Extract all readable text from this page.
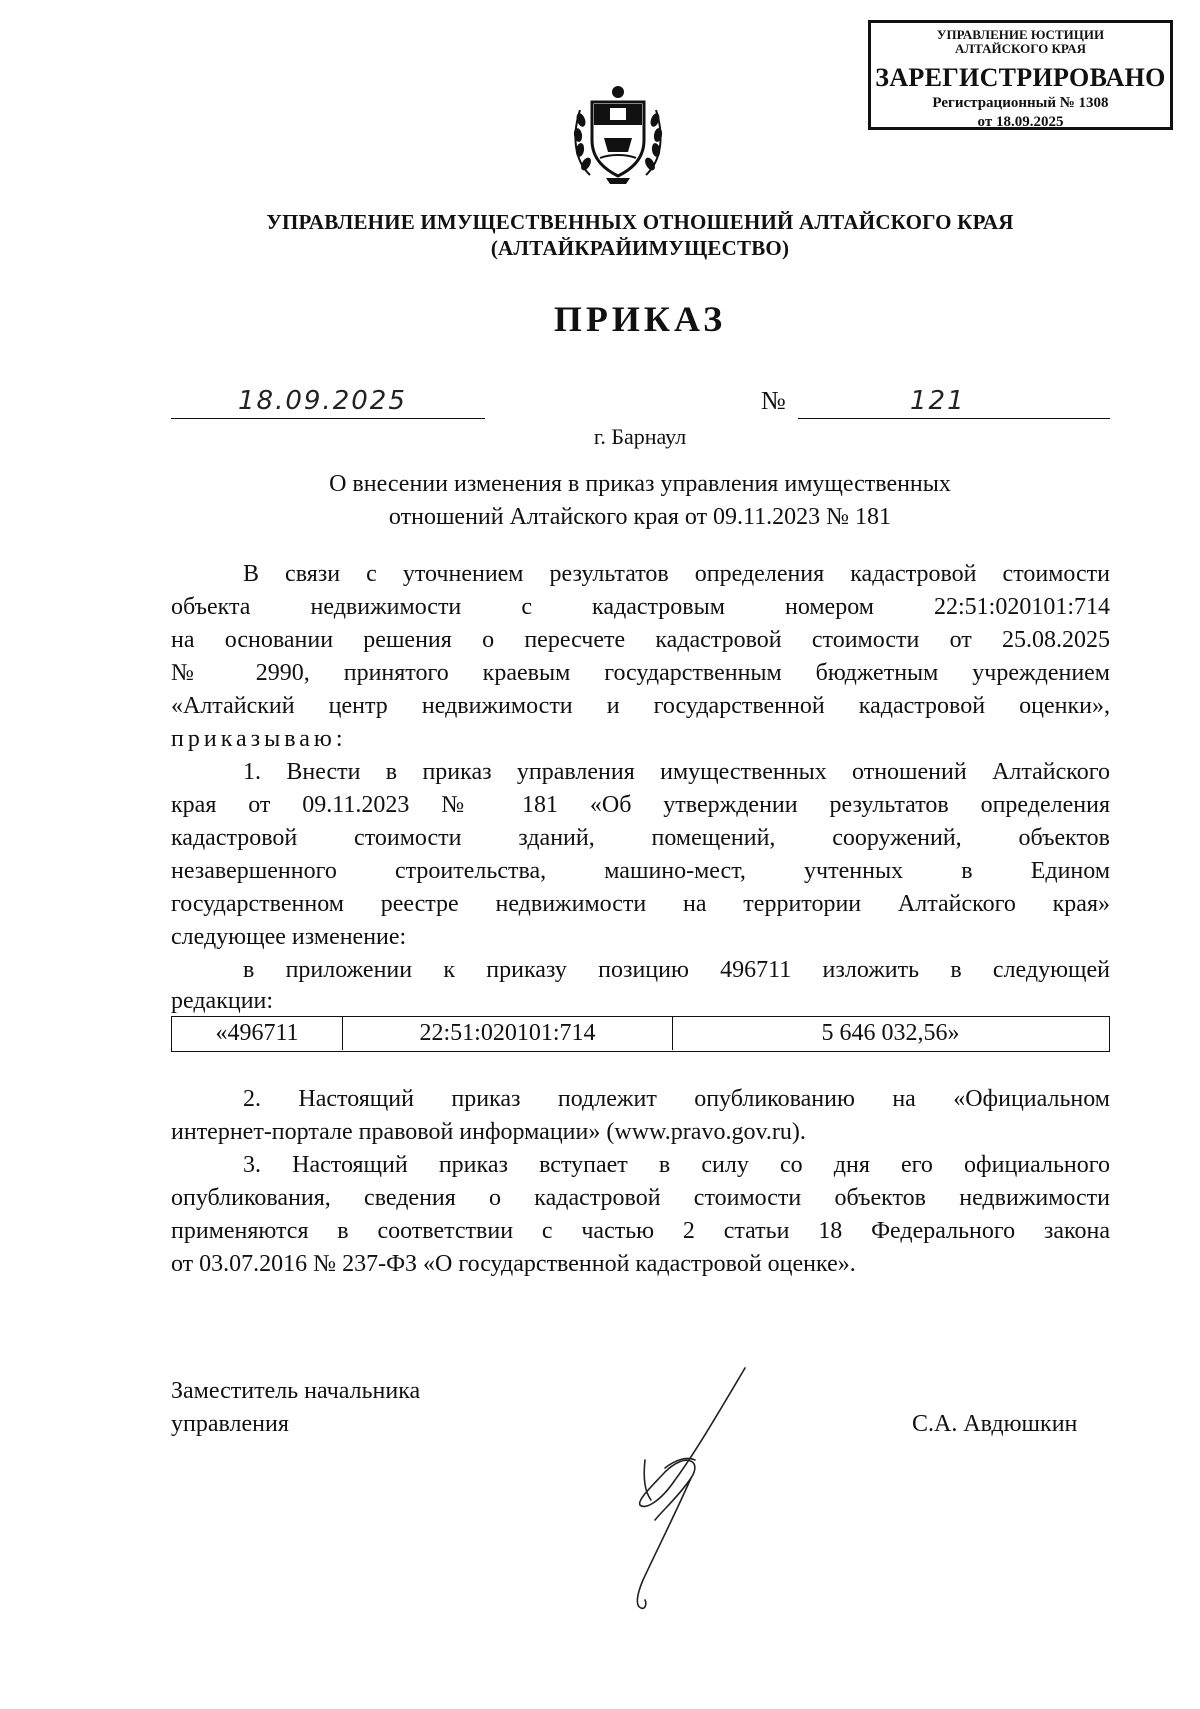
УПРАВЛЕНИЕ ЮСТИЦИИ
АЛТАЙСКОГО КРАЯ
ЗАРЕГИСТРИРОВАНО
Регистрационный № 1308
от 18.09.2025
УПРАВЛЕНИЕ ИМУЩЕСТВЕННЫХ ОТНОШЕНИЙ АЛТАЙСКОГО КРАЯ
(АЛТАЙКРАЙИМУЩЕСТВО)
ПРИКАЗ
18.09.2025	№	121
г. Барнаул
О внесении изменения в приказ управления имущественных
отношений Алтайского края от 09.11.2023 № 181
В связи с уточнением результатов определения кадастровой стоимости
объекта недвижимости с кадастровым номером 22:51:020101:714
на основании решения о пересчете кадастровой стоимости от 25.08.2025
№ 2990, принятого краевым государственным бюджетным учреждением
«Алтайский центр недвижимости и государственной кадастровой оценки»,
приказываю:
1. Внести в приказ управления имущественных отношений Алтайского
края от 09.11.2023 № 181 «Об утверждении результатов определения
кадастровой стоимости зданий, помещений, сооружений, объектов
незавершенного строительства, машино-мест, учтенных в Едином
государственном реестре недвижимости на территории Алтайского края»
следующее изменение:
в приложении к приказу позицию 496711 изложить в следующей
редакции:
«496711	22:51:020101:714	5 646 032,56»
2. Настоящий приказ подлежит опубликованию на «Официальном
интернет-портале правовой информации» (www.pravo.gov.ru).
3. Настоящий приказ вступает в силу со дня его официального
опубликования, сведения о кадастровой стоимости объектов недвижимости
применяются в соответствии с частью 2 статьи 18 Федерального закона
от 03.07.2016 № 237-ФЗ «О государственной кадастровой оценке».
Заместитель начальника
управления	С.А. Авдюшкин
